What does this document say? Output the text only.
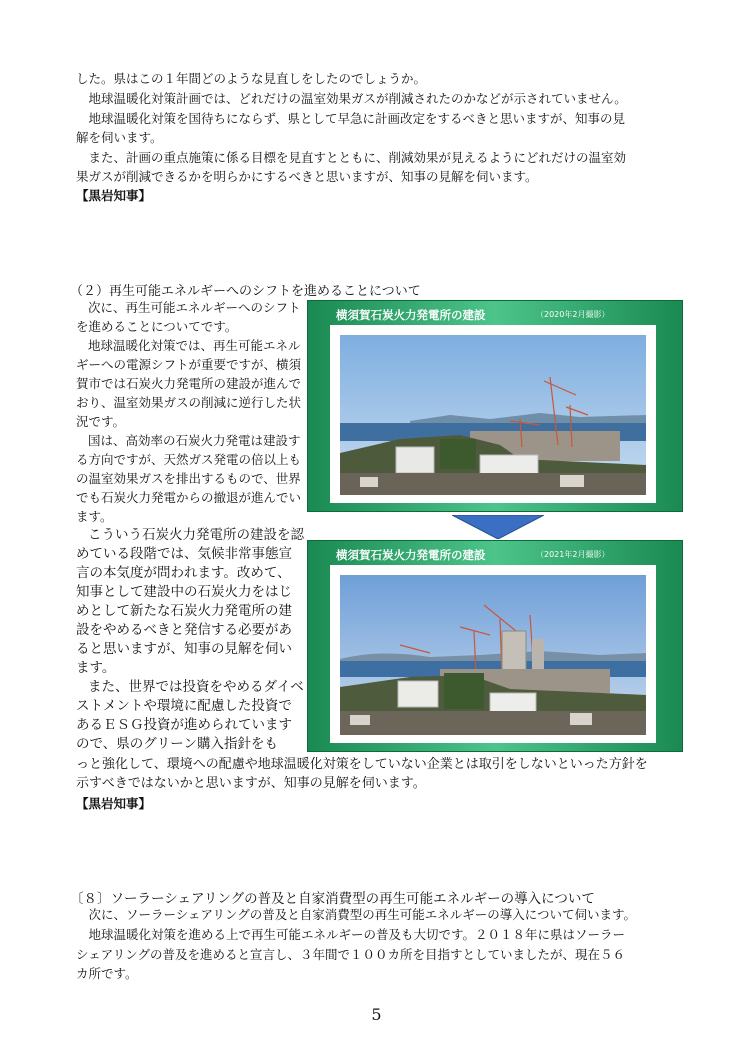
した。県はこの１年間どのような見直しをしたのでしょうか。
　地球温暖化対策計画では、どれだけの温室効果ガスが削減されたのかなどが示されていません。
　地球温暖化対策を国待ちにならず、県として早急に計画改定をするべきと思いますが、知事の見
解を伺います。
　また、計画の重点施策に係る目標を見直すとともに、削減効果が見えるようにどれだけの温室効
果ガスが削減できるかを明らかにするべきと思いますが、知事の見解を伺います。
【黒岩知事】
（２）再生可能エネルギーへのシフトを進めることについて

次に、再生可能エネルギーへのシフトを進めることについてです。

地球温暖化対策では、再生可能エネルギーへの電源シフトが重要ですが、横須賀市では石炭火力発電所の建設が進んでおり、温室効果ガスの削減に逆行した状況です。

国は、高効率の石炭火力発電は建設する方向ですが、天然ガス発電の倍以上もの温室効果ガスを排出するもので、世界でも石炭火力発電からの撤退が進んでいます。

こういう石炭火力発電所の建設を認めている段階では、気候非常事態宣言の本気度が問われます。改めて、知事として建設中の石炭火力をはじめとして新たな石炭火力発電所の建設をやめるべきと発信する必要があると思いますが、知事の見解を伺います。

また、世界では投資をやめるダイベストメントや環境に配慮した投資であるＥＳＧ投資が進められていますので、県のグリーン購入指針をも

っと強化して、環境への配慮や地球温暖化対策をしていない企業とは取引をしないといった方針を
示すべきではないかと思いますが、知事の見解を伺います。
【黒岩知事】
横須賀石炭火力発電所の建設	（2020年2月撮影）
横須賀石炭火力発電所の建設	（2021年2月撮影）
〔８〕ソーラーシェアリングの普及と自家消費型の再生可能エネルギーの導入について
　次に、ソーラーシェアリングの普及と自家消費型の再生可能エネルギーの導入について伺います。
　地球温暖化対策を進める上で再生可能エネルギーの普及も大切です。２０１８年に県はソーラー
シェアリングの普及を進めると宣言し、３年間で１００カ所を目指すとしていましたが、現在５６
カ所です。
5
